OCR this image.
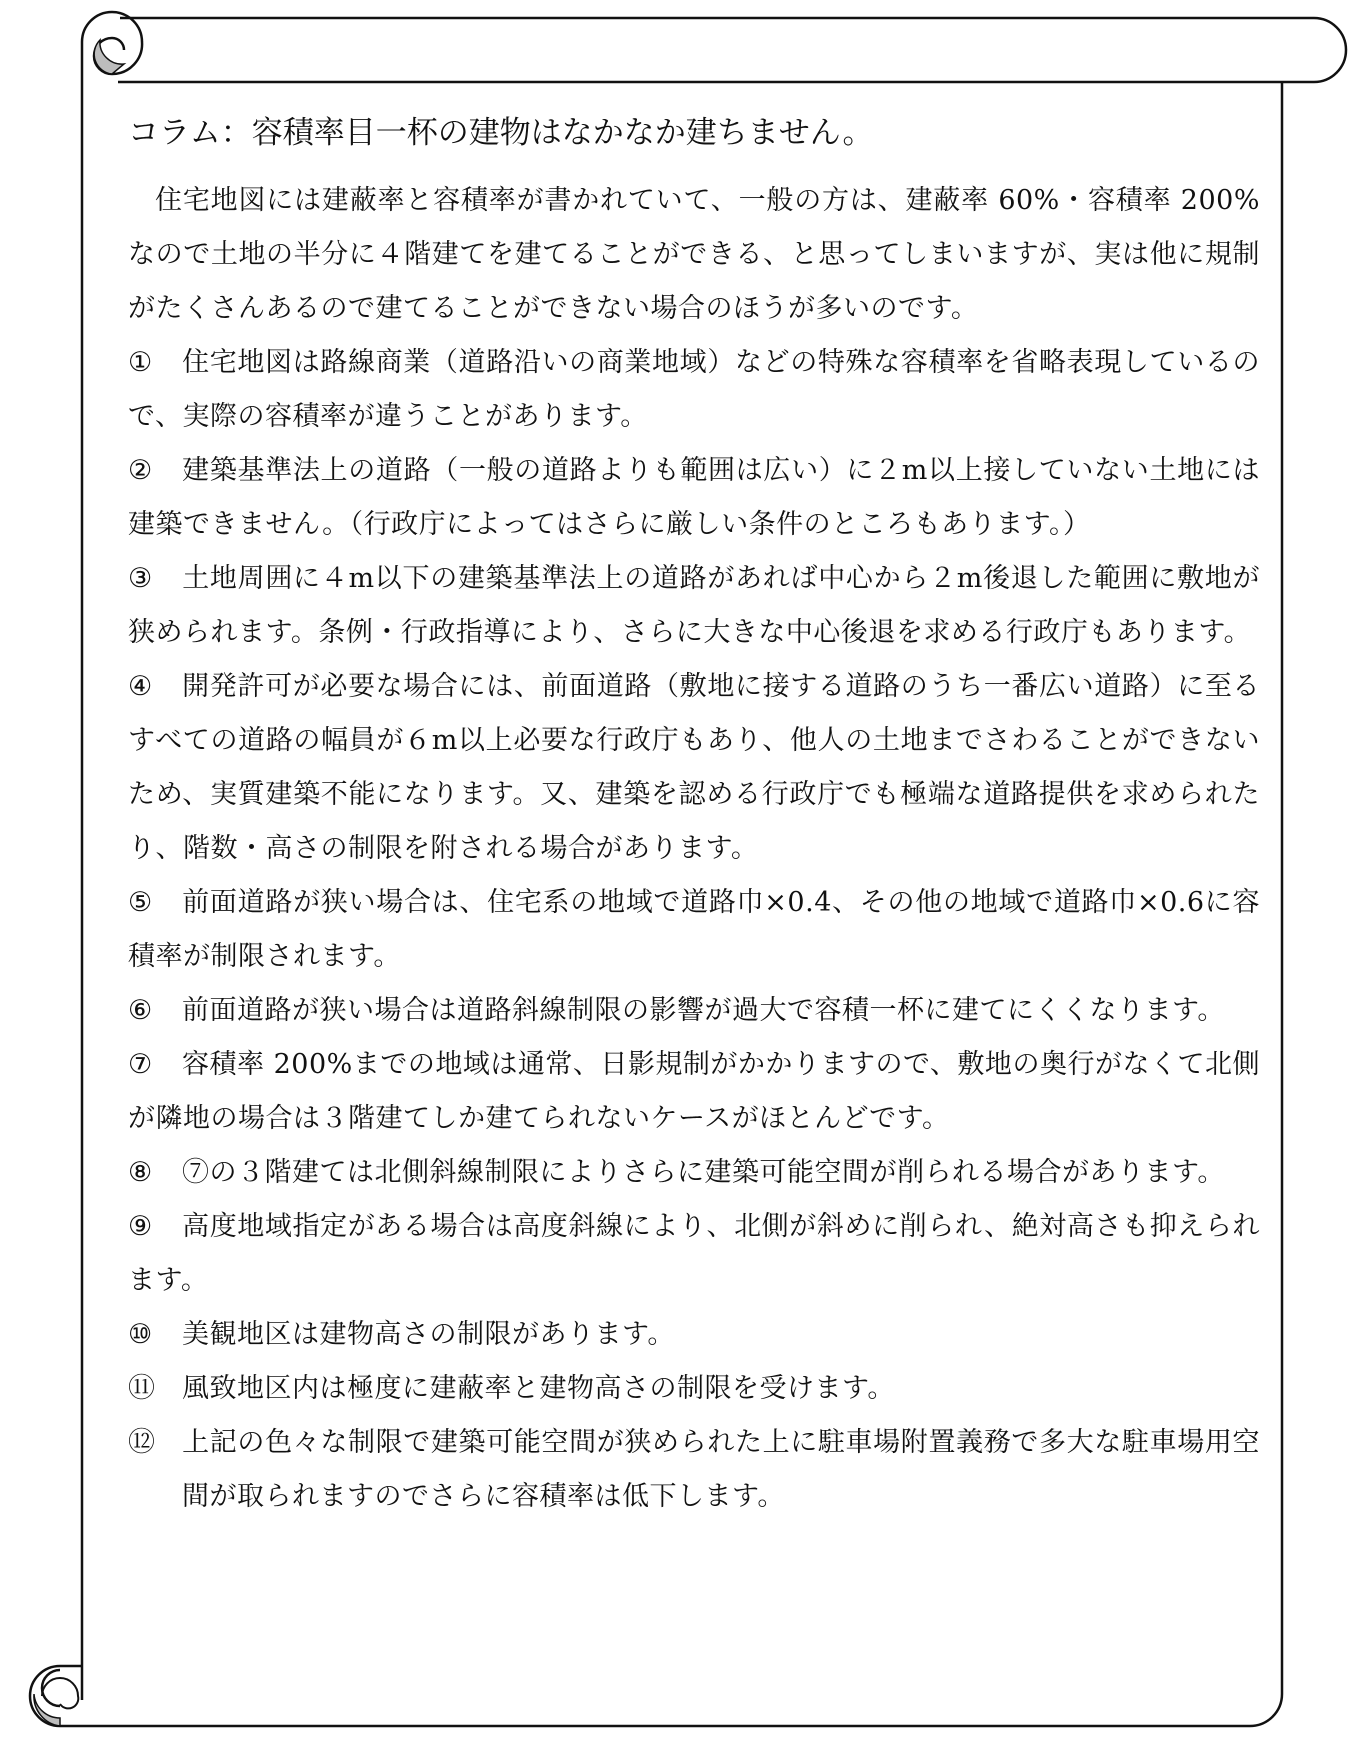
コラム：容積率目一杯の建物はなかなか建ちません。
住宅地図には建蔽率と容積率が書かれていて、一般の方は、建蔽率 60%・容積率 200%なので土地の半分に４階建てを建てることができる、と思ってしまいますが、実は他に規制がたくさんあるので建てることができない場合のほうが多いのです。
① 住宅地図は路線商業（道路沿いの商業地域）などの特殊な容積率を省略表現しているので、実際の容積率が違うことがあります。
② 建築基準法上の道路（一般の道路よりも範囲は広い）に２m以上接していない土地には建築できません。（行政庁によってはさらに厳しい条件のところもあります。）
③ 土地周囲に４m以下の建築基準法上の道路があれば中心から２m後退した範囲に敷地が狭められます。条例・行政指導により、さらに大きな中心後退を求める行政庁もあります。
④ 開発許可が必要な場合には、前面道路（敷地に接する道路のうち一番広い道路）に至るすべての道路の幅員が６m以上必要な行政庁もあり、他人の土地までさわることができないため、実質建築不能になります。又、建築を認める行政庁でも極端な道路提供を求められたり、階数・高さの制限を附される場合があります。
⑤ 前面道路が狭い場合は、住宅系の地域で道路巾×0.4、その他の地域で道路巾×0.6に容積率が制限されます。
⑥ 前面道路が狭い場合は道路斜線制限の影響が過大で容積一杯に建てにくくなります。
⑦ 容積率 200%までの地域は通常、日影規制がかかりますので、敷地の奥行がなくて北側が隣地の場合は３階建てしか建てられないケースがほとんどです。
⑧ ⑦の３階建ては北側斜線制限によりさらに建築可能空間が削られる場合があります。
⑨ 高度地域指定がある場合は高度斜線により、北側が斜めに削られ、絶対高さも抑えられます。
⑩ 美観地区は建物高さの制限があります。
⑪ 風致地区内は極度に建蔽率と建物高さの制限を受けます。
⑫ 上記の色々な制限で建築可能空間が狭められた上に駐車場附置義務で多大な駐車場用空間が取られますのでさらに容積率は低下します。
